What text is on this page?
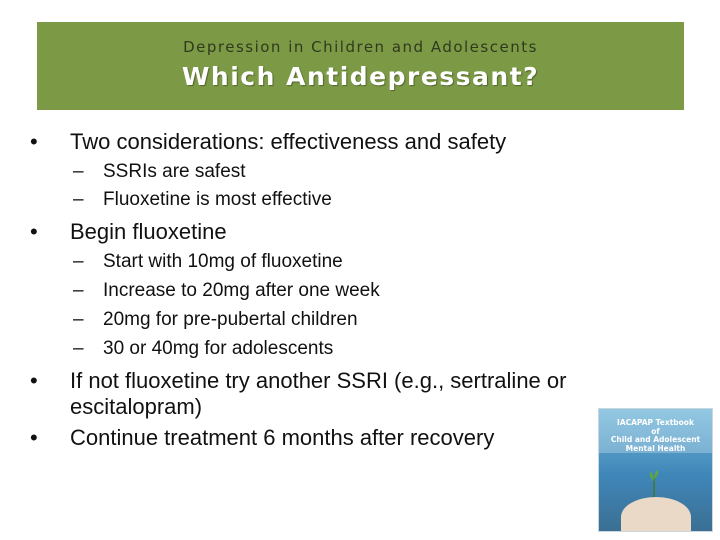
Depression in Children and Adolescents
Which Antidepressant?
•	Two considerations: effectiveness and safety
– SSRIs are safest
– Fluoxetine is most effective
•	Begin fluoxetine
– Start with 10mg of fluoxetine
– Increase to 20mg after one week
– 20mg for pre-pubertal children
– 30 or 40mg for adolescents
•	If not fluoxetine try another SSRI (e.g., sertraline or
escitalopram)
•	Continue treatment 6 months after recovery
IACAPAP Textbook
of
Child and Adolescent
Mental Health
